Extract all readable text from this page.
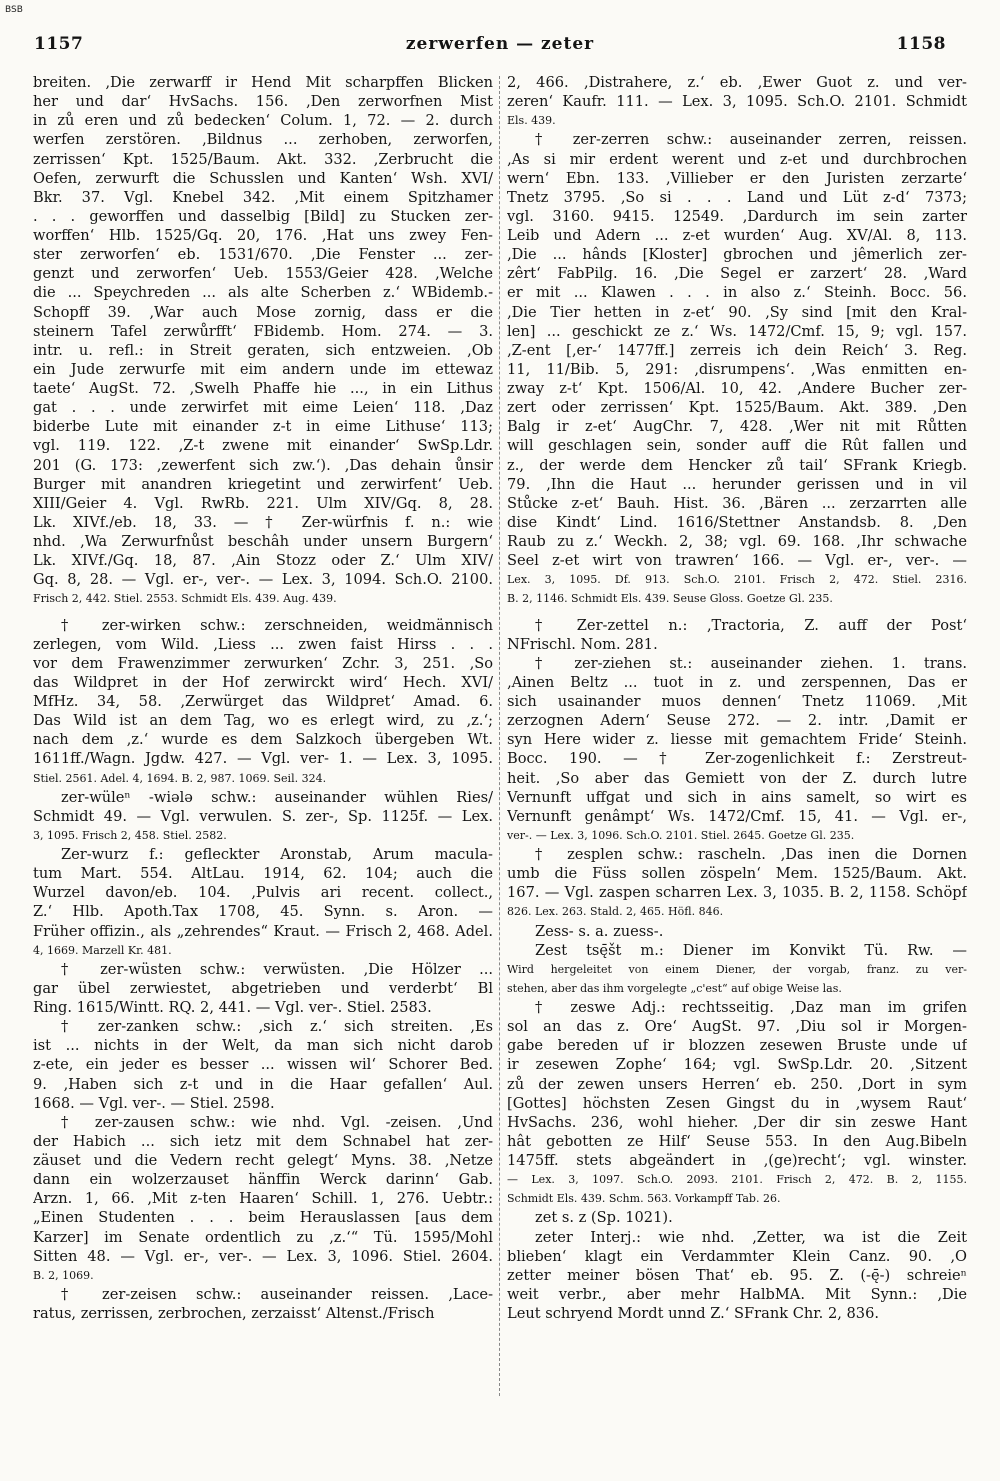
BSB
1157	zerwerfen — zeter	1158
breiten. ‚Die zerwarff ir Hend Mit scharpffen Blicken
her und dar‘ HvSachs. 156. ‚Den zerworfnen Mist
in zů eren und zů bedecken‘ Colum. 1, 72. — 2. durch
werfen zerstören. ‚Bildnus ... zerhoben, zerworfen,
zerrissen‘ Kpt. 1525/Baum. Akt. 332. ‚Zerbrucht die
Oefen, zerwurft die Schusslen und Kanten‘ Wsh. XVI/
Bkr. 37. Vgl. Knebel 342. ‚Mit einem Spitzhamer
. . . geworffen und dasselbig [Bild] zu Stucken zer-
worffen‘ Hlb. 1525/Gq. 20, 176. ‚Hat uns zwey Fen-
ster zerworfen‘ eb. 1531/670. ‚Die Fenster ... zer-
genzt und zerworfen‘ Ueb. 1553/Geier 428. ‚Welche
die ... Speychreden ... als alte Scherben z.‘ WBidemb.-
Schopff 39. ‚War auch Mose zornig, dass er die
steinern Tafel zerwůrfft‘ FBidemb. Hom. 274. — 3.
intr. u. refl.: in Streit geraten, sich entzweien. ‚Ob
ein Jude zerwurfe mit eim andern unde im ettewaz
taete‘ AugSt. 72. ‚Swelh Phaffe hie ..., in ein Lithus
gat . . . unde zerwirfet mit eime Leien‘ 118. ‚Daz
biderbe Lute mit einander z-t in eime Lithuse‘ 113;
vgl. 119. 122. ‚Z-t zwene mit einander‘ SwSp.Ldr.
201 (G. 173: ‚zewerfent sich zw.‘). ‚Das dehain ůnsir
Burger mit anandren kriegetint und zerwirfent‘ Ueb.
XIII/Geier 4. Vgl. RwRb. 221. Ulm XIV/Gq. 8, 28.
Lk. XIVf./eb. 18, 33. — † Zer-würfnis f. n.: wie
nhd. ‚Wa Zerwurfnůst beschâh under unsern Burgern‘
Lk. XIVf./Gq. 18, 87. ‚Ain Stozz oder Z.‘ Ulm XIV/
Gq. 8, 28. — Vgl. er-, ver-. — Lex. 3, 1094. Sch.O. 2100.
Frisch 2, 442. Stiel. 2553. Schmidt Els. 439. Aug. 439.
† zer-wirken schw.: zerschneiden, weidmännisch
zerlegen, vom Wild. ‚Liess ... zwen faist Hirss . . .
vor dem Frawenzimmer zerwurken‘ Zchr. 3, 251. ‚So
das Wildpret in der Hof zerwirckt wird‘ Hech. XVI/
MfHz. 34, 58. ‚Zerwürget das Wildpret‘ Amad. 6.
Das Wild ist an dem Tag, wo es erlegt wird, zu ‚z.‘;
nach dem ‚z.‘ wurde es dem Salzkoch übergeben Wt.
1611ff./Wagn. Jgdw. 427. — Vgl. ver- 1. — Lex. 3, 1095.
Stiel. 2561. Adel. 4, 1694. B. 2, 987. 1069. Seil. 324.
zer-wüleⁿ -wiələ schw.: auseinander wühlen Ries/
Schmidt 49. — Vgl. verwulen. S. zer-, Sp. 1125f. — Lex.
3, 1095. Frisch 2, 458. Stiel. 2582.
Zer-wurz f.: gefleckter Aronstab, Arum macula-
tum Mart. 554. AltLau. 1914, 62. 104; auch die
Wurzel davon/eb. 104. ‚Pulvis ari recent. collect.,
Z.‘ Hlb. Apoth.Tax 1708, 45. Synn. s. Aron. —
Früher offizin., als „zehrendes“ Kraut. — Frisch 2, 468. Adel.
4, 1669. Marzell Kr. 481.
† zer-wüsten schw.: verwüsten. ‚Die Hölzer ...
gar übel zerwiestet, abgetrieben und verderbt‘ Bl
Ring. 1615/Wintt. RQ. 2, 441. — Vgl. ver-. Stiel. 2583.
† zer-zanken schw.: ‚sich z.‘ sich streiten. ‚Es
ist ... nichts in der Welt, da man sich nicht darob
z-ete, ein jeder es besser ... wissen wil‘ Schorer Bed.
9. ‚Haben sich z-t und in die Haar gefallen‘ Aul.
1668. — Vgl. ver-. — Stiel. 2598.
† zer-zausen schw.: wie nhd. Vgl. -zeisen. ‚Und
der Habich ... sich ietz mit dem Schnabel hat zer-
zäuset und die Vedern recht gelegt‘ Myns. 38. ‚Netze
dann ein wolzerzauset hänffin Werck darinn‘ Gab.
Arzn. 1, 66. ‚Mit z-ten Haaren‘ Schill. 1, 276. Uebtr.:
„Einen Studenten . . . beim Herauslassen [aus dem
Karzer] im Senate ordentlich zu ‚z.‘“ Tü. 1595/Mohl
Sitten 48. — Vgl. er-, ver-. — Lex. 3, 1096. Stiel. 2604.
B. 2, 1069.
† zer-zeisen schw.: auseinander reissen. ‚Lace-
ratus, zerrissen, zerbrochen, zerzaisst‘ Altenst./Frisch
2, 466. ‚Distrahere, z.‘ eb. ‚Ewer Guot z. und ver-
zeren‘ Kaufr. 111. — Lex. 3, 1095. Sch.O. 2101. Schmidt
Els. 439.
† zer-zerren schw.: auseinander zerren, reissen.
‚As si mir erdent werent und z-et und durchbrochen
wern‘ Ebn. 133. ‚Villieber er den Juristen zerzarte‘
Tnetz 3795. ‚So si . . . Land und Lüt z-d‘ 7373;
vgl. 3160. 9415. 12549. ‚Dardurch im sein zarter
Leib und Adern ... z-et wurden‘ Aug. XV/Al. 8, 113.
‚Die ... hânds [Kloster] gbrochen und jêmerlich zer-
zêrt‘ FabPilg. 16. ‚Die Segel er zarzert‘ 28. ‚Ward
er mit ... Klawen . . . in also z.‘ Steinh. Bocc. 56.
‚Die Tier hetten in z-et‘ 90. ‚Sy sind [mit den Kral-
len] ... geschickt ze z.‘ Ws. 1472/Cmf. 15, 9; vgl. 157.
‚Z-ent [‚er-‘ 1477ff.] zerreis ich dein Reich‘ 3. Reg.
11, 11/Bib. 5, 291: ‚disrumpens‘. ‚Was enmitten en-
zway z-t‘ Kpt. 1506/Al. 10, 42. ‚Andere Bucher zer-
zert oder zerrissen‘ Kpt. 1525/Baum. Akt. 389. ‚Den
Balg ir z-et‘ AugChr. 7, 428. ‚Wer nit mit Růtten
will geschlagen sein, sonder auff die Rût fallen und
z., der werde dem Hencker zů tail‘ SFrank Kriegb.
79. ‚Ihn die Haut ... herunder gerissen und in vil
Stůcke z-et‘ Bauh. Hist. 36. ‚Bären ... zerzarrten alle
dise Kindt‘ Lind. 1616/Stettner Anstandsb. 8. ‚Den
Raub zu z.‘ Weckh. 2, 38; vgl. 69. 168. ‚Ihr schwache
Seel z-et wirt von trawren‘ 166. — Vgl. er-, ver-. —
Lex. 3, 1095. Df. 913. Sch.O. 2101. Frisch 2, 472. Stiel. 2316.
B. 2, 1146. Schmidt Els. 439. Seuse Gloss. Goetze Gl. 235.
† Zer-zettel n.: ‚Tractoria, Z. auff der Post‘
NFrischl. Nom. 281.
† zer-ziehen st.: auseinander ziehen. 1. trans.
‚Ainen Beltz ... tuot in z. und zerspennen, Das er
sich usainander muos dennen‘ Tnetz 11069. ‚Mit
zerzognen Adern‘ Seuse 272. — 2. intr. ‚Damit er
syn Here wider z. liesse mit gemachtem Fride‘ Steinh.
Bocc. 190. — † Zer-zogenlichkeit f.: Zerstreut-
heit. ‚So aber das Gemiett von der Z. durch lutre
Vernunft uffgat und sich in ains samelt, so wirt es
Vernunft genâmpt‘ Ws. 1472/Cmf. 15, 41. — Vgl. er-,
ver-. — Lex. 3, 1096. Sch.O. 2101. Stiel. 2645. Goetze Gl. 235.
† zesplen schw.: rascheln. ‚Das inen die Dornen
umb die Füss sollen zöspeln‘ Mem. 1525/Baum. Akt.
167. — Vgl. zaspen scharren Lex. 3, 1035. B. 2, 1158. Schöpf
826. Lex. 263. Stald. 2, 465. Höfl. 846.
Zess- s. a. zuess-.
Zest tsę̄št m.: Diener im Konvikt Tü. Rw. —
Wird hergeleitet von einem Diener, der vorgab, franz. zu ver-
stehen, aber das ihm vorgelegte „c'est“ auf obige Weise las.
† zeswe Adj.: rechtsseitig. ‚Daz man im grifen
sol an das z. Ore‘ AugSt. 97. ‚Diu sol ir Morgen-
gabe bereden uf ir blozzen zesewen Bruste unde uf
ir zesewen Zophe‘ 164; vgl. SwSp.Ldr. 20. ‚Sitzent
zů der zewen unsers Herren‘ eb. 250. ‚Dort in sym
[Gottes] höchsten Zesen Gingst du in ‚wysem Raut‘
HvSachs. 236, wohl hieher. ‚Der dir sin zeswe Hant
hât gebotten ze Hilf‘ Seuse 553. In den Aug.Bibeln
1475ff. stets abgeändert in ‚(ge)recht‘; vgl. winster.
— Lex. 3, 1097. Sch.O. 2093. 2101. Frisch 2, 472. B. 2, 1155.
Schmidt Els. 439. Schm. 563. Vorkampff Tab. 26.
zet s. z (Sp. 1021).
zeter Interj.: wie nhd. ‚Zetter, wa ist die Zeit
blieben‘ klagt ein Verdammter Klein Canz. 90. ‚O
zetter meiner bösen That‘ eb. 95. Z. (-ę̄-) schreieⁿ
weit verbr., aber mehr HalbMA. Mit Synn.: ‚Die
Leut schryend Mordt unnd Z.‘ SFrank Chr. 2, 836.
